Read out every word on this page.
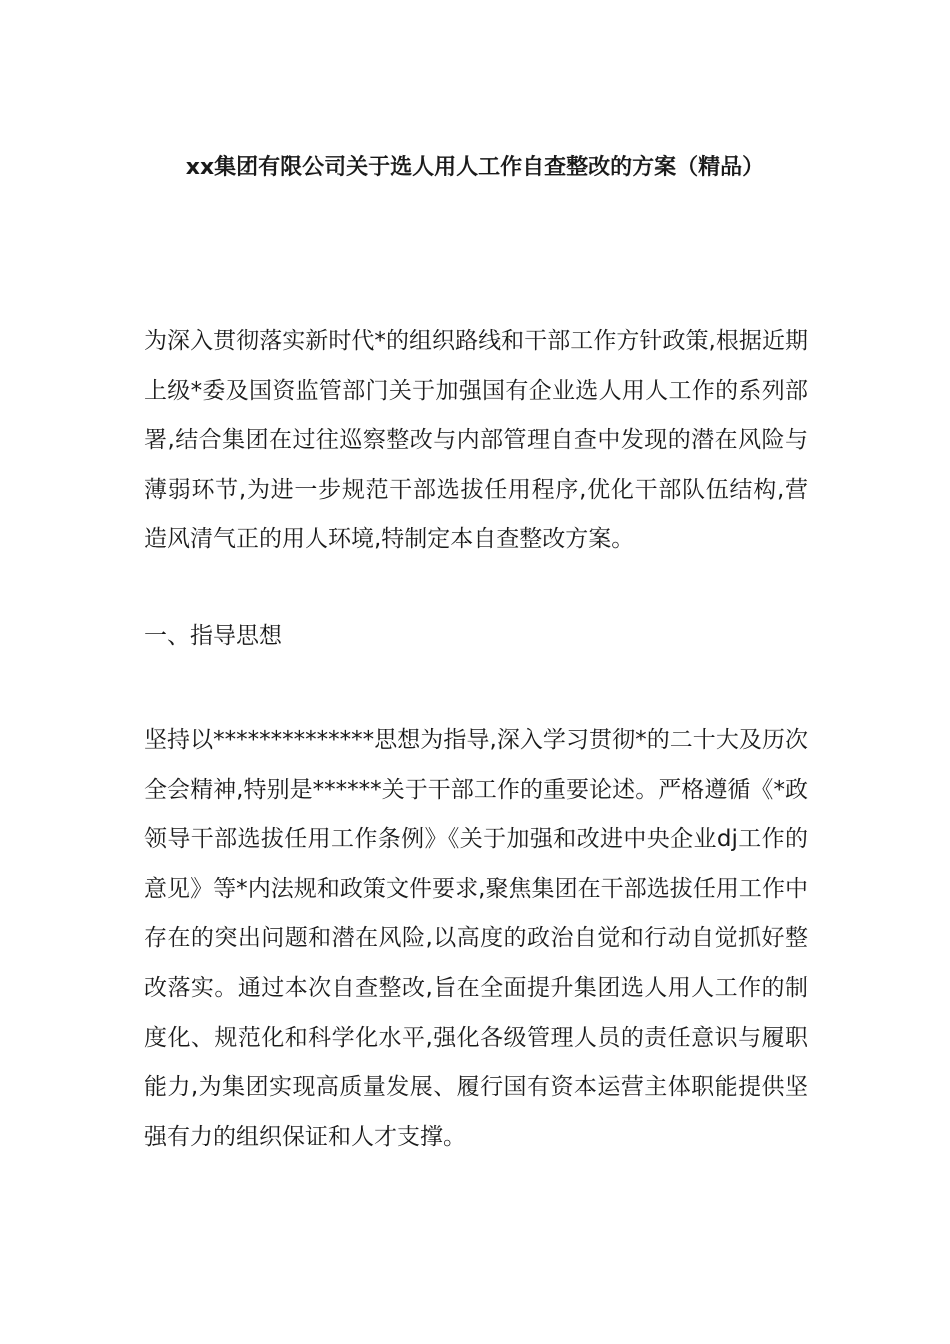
xx集团有限公司关于选人用人工作自查整改的方案（精品）

为深入贯彻落实新时代*的组织路线和干部工作方针政策,根据近期上级*委及国资监管部门关于加强国有企业选人用人工作的系列部署,结合集团在过往巡察整改与内部管理自查中发现的潜在风险与薄弱环节,为进一步规范干部选拔任用程序,优化干部队伍结构,营造风清气正的用人环境,特制定本自查整改方案。

一、指导思想

坚持以**************思想为指导,深入学习贯彻*的二十大及历次全会精神,特别是******关于干部工作的重要论述。严格遵循《*政领导干部选拔任用工作条例》《关于加强和改进中央企业dj工作的意见》等*内法规和政策文件要求,聚焦集团在干部选拔任用工作中存在的突出问题和潜在风险,以高度的政治自觉和行动自觉抓好整改落实。通过本次自查整改,旨在全面提升集团选人用人工作的制度化、规范化和科学化水平,强化各级管理人员的责任意识与履职能力,为集团实现高质量发展、履行国有资本运营主体职能提供坚强有力的组织保证和人才支撑。
